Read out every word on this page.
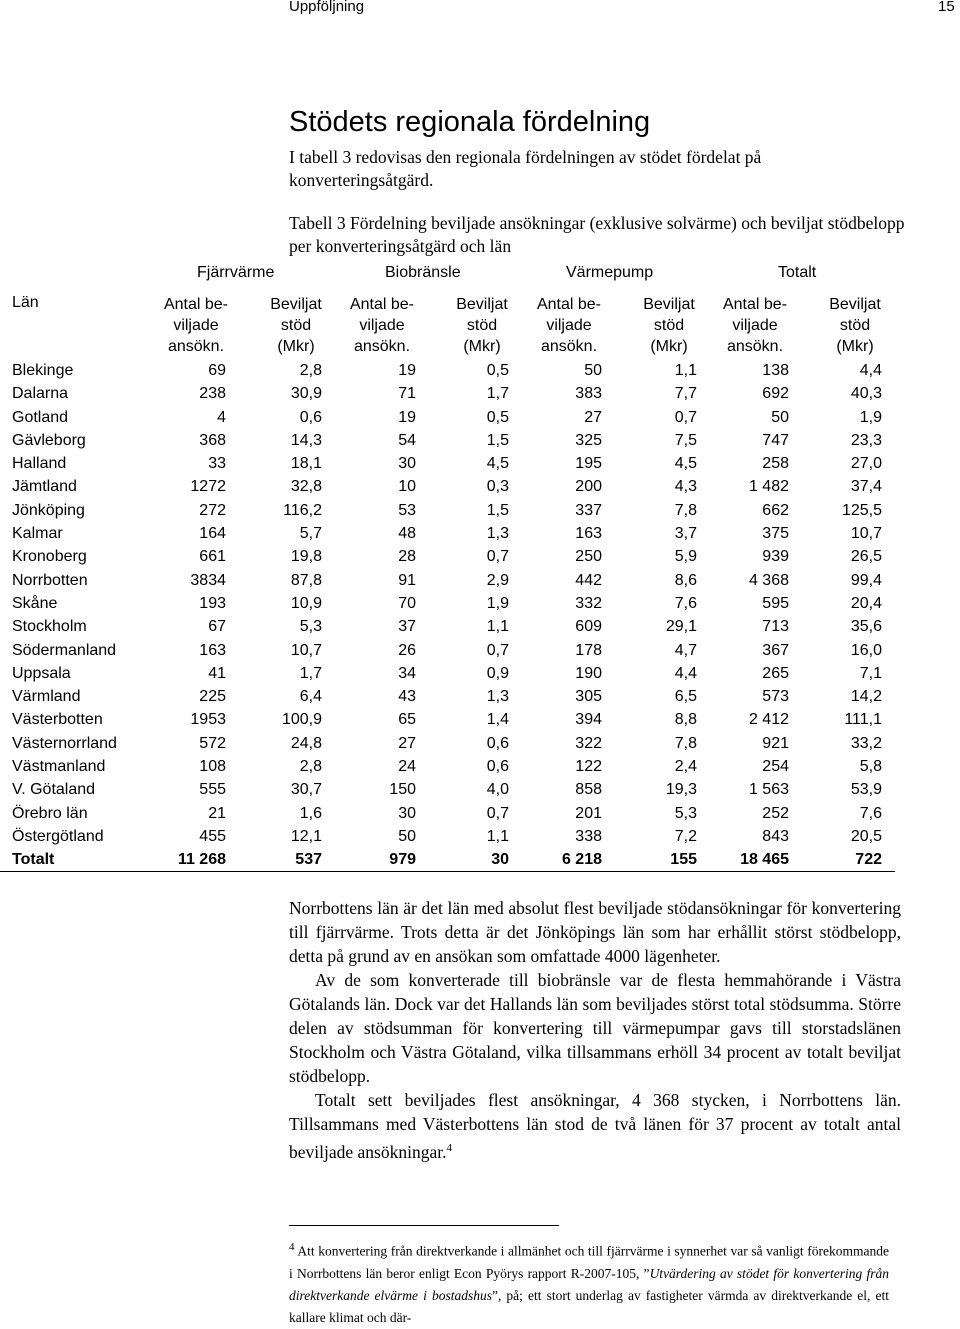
Uppföljning	15
Stödets regionala fördelning
I tabell 3 redovisas den regionala fördelningen av stödet fördelat på konverteringsåtgärd.
Tabell 3 Fördelning beviljade ansökningar (exklusive solvärme) och beviljat stödbelopp per konverteringsåtgärd och län
Fjärrvärme	Biobränsle	Värmepump	Totalt
Län	Antal be-
viljade
ansökn.
Beviljat
stöd
(Mkr)
Antal be-
viljade
ansökn.
Beviljat
stöd
(Mkr)
Antal be-
viljade
ansökn.
Beviljat
stöd
(Mkr)
Antal be-
viljade
ansökn.
Beviljat
stöd
(Mkr)
Blekinge	69	2,8	19	0,5	50	1,1	138	4,4
Dalarna	238	30,9	71	1,7	383	7,7	692	40,3
Gotland	4	0,6	19	0,5	27	0,7	50	1,9
Gävleborg	368	14,3	54	1,5	325	7,5	747	23,3
Halland	33	18,1	30	4,5	195	4,5	258	27,0
Jämtland	1272	32,8	10	0,3	200	4,3	1 482	37,4
Jönköping	272	116,2	53	1,5	337	7,8	662	125,5
Kalmar	164	5,7	48	1,3	163	3,7	375	10,7
Kronoberg	661	19,8	28	0,7	250	5,9	939	26,5
Norrbotten	3834	87,8	91	2,9	442	8,6	4 368	99,4
Skåne	193	10,9	70	1,9	332	7,6	595	20,4
Stockholm	67	5,3	37	1,1	609	29,1	713	35,6
Södermanland	163	10,7	26	0,7	178	4,7	367	16,0
Uppsala	41	1,7	34	0,9	190	4,4	265	7,1
Värmland	225	6,4	43	1,3	305	6,5	573	14,2
Västerbotten	1953	100,9	65	1,4	394	8,8	2 412	111,1
Västernorrland	572	24,8	27	0,6	322	7,8	921	33,2
Västmanland	108	2,8	24	0,6	122	2,4	254	5,8
V. Götaland	555	30,7	150	4,0	858	19,3	1 563	53,9
Örebro län	21	1,6	30	0,7	201	5,3	252	7,6
Östergötland	455	12,1	50	1,1	338	7,2	843	20,5
Totalt	11 268	537	979	30	6 218	155	18 465	722

Norrbottens län är det län med absolut flest beviljade stödansökningar för konvertering till fjärrvärme. Trots detta är det Jönköpings län som har erhållit störst stödbelopp, detta på grund av en ansökan som omfattade 4000 lägenheter.

Av de som konverterade till biobränsle var de flesta hemmahörande i Västra Götalands län. Dock var det Hallands län som beviljades störst total stödsumma. Större delen av stödsumman för konvertering till värmepumpar gavs till storstadslänen Stockholm och Västra Götaland, vilka tillsammans erhöll 34 procent av totalt beviljat stödbelopp.

Totalt sett beviljades flest ansökningar, 4 368 stycken, i Norrbottens län. Tillsammans med Västerbottens län stod de två länen för 37 procent av totalt antal beviljade ansökningar.$^4$

$^4$ Att konvertering från direktverkande i allmänhet och till fjärrvärme i synnerhet var så vanligt förekommande i Norrbottens län beror enligt Econ Pyörys rapport R-2007-105, ”Utvärdering av stödet för konvertering från direktverkande elvärme i bostadshus”, på; ett stort underlag av fastigheter värmda av direktverkande el, ett kallare klimat och där-
